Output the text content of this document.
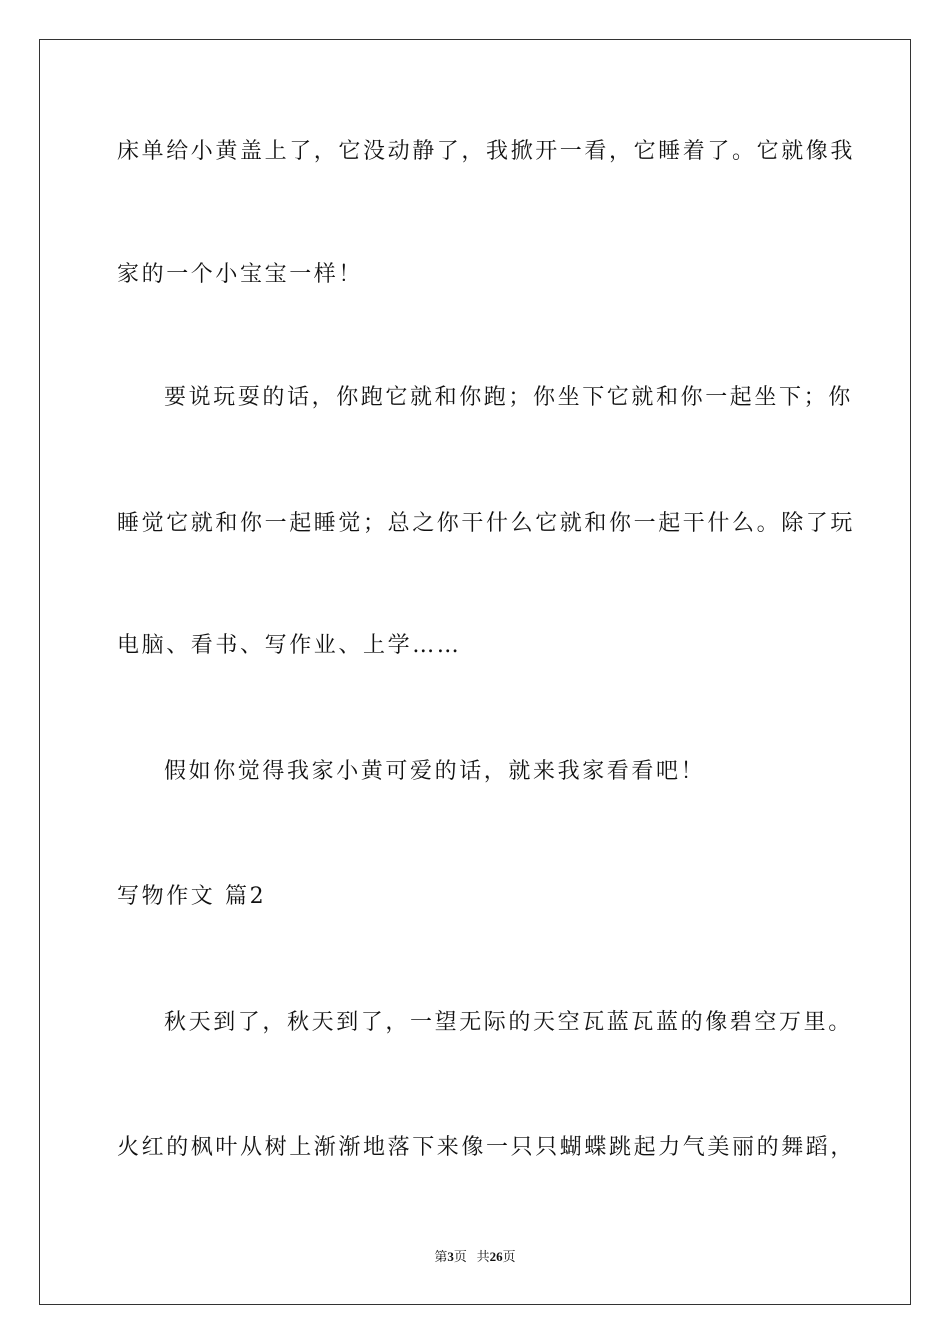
床单给小黄盖上了，它没动静了，我掀开一看，它睡着了。它就像我

家的一个小宝宝一样！

要说玩耍的话，你跑它就和你跑；你坐下它就和你一起坐下；你

睡觉它就和你一起睡觉；总之你干什么它就和你一起干什么。除了玩

电脑、看书、写作业、上学……

假如你觉得我家小黄可爱的话，就来我家看看吧！

写物作文 篇2

秋天到了，秋天到了，一望无际的天空瓦蓝瓦蓝的像碧空万里。

火红的枫叶从树上渐渐地落下来像一只只蝴蝶跳起力气美丽的舞蹈，

第3页 共26页
